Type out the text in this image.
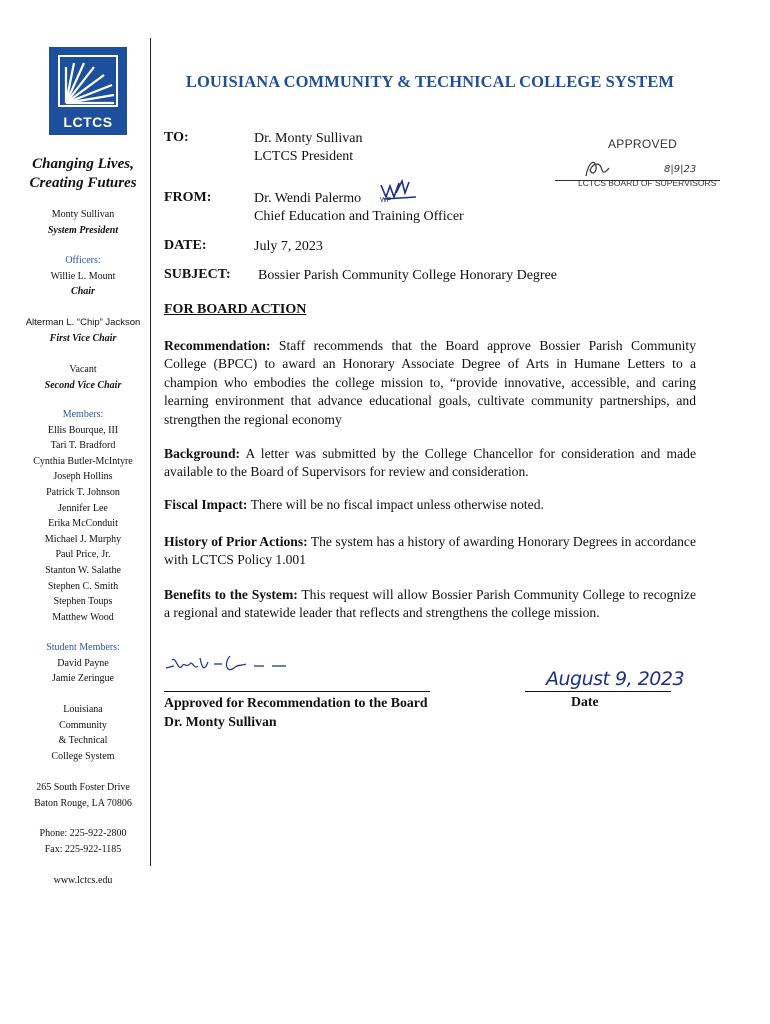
LCTCS
Changing Lives,
Creating Futures
Monty Sullivan
System President
Officers:
Willie L. Mount
Chair
Alterman L. “Chip” Jackson
First Vice Chair
Vacant
Second Vice Chair
Members:
Ellis Bourque, III
Tari T. Bradford
Cynthia Butler-McIntyre
Joseph Hollins
Patrick T. Johnson
Jennifer Lee
Erika McConduit
Michael J. Murphy
Paul Price, Jr.
Stanton W. Salathe
Stephen C. Smith
Stephen Toups
Matthew Wood
Student Members:
David Payne
Jamie Zeringue
Louisiana
Community
& Technical
College System
265 South Foster Drive
Baton Rouge, LA 70806
Phone: 225-922-2800
Fax: 225-922-1185
www.lctcs.edu
LOUISIANA COMMUNITY & TECHNICAL COLLEGE SYSTEM
APPROVED
8|9|23
LCTCS BOARD OF SUPERVISORS
TO:	Dr. Monty Sullivan
LCTCS President
FROM:	Dr. Wendi Palermo	WP
Chief Education and Training Officer
DATE:	July 7, 2023
SUBJECT: Bossier Parish Community College Honorary Degree
FOR BOARD ACTION
Recommendation: Staff recommends that the Board approve Bossier Parish Community College (BPCC) to award an Honorary Associate Degree of Arts in Humane Letters to a champion who embodies the college mission to, “provide innovative, accessible, and caring learning environment that advance educational goals, cultivate community partnerships, and strengthen the regional economy
Background: A letter was submitted by the College Chancellor for consideration and made available to the Board of Supervisors for review and consideration.
Fiscal Impact: There will be no fiscal impact unless otherwise noted.
History of Prior Actions: The system has a history of awarding Honorary Degrees in accordance with LCTCS Policy 1.001
Benefits to the System: This request will allow Bossier Parish Community College to recognize a regional and statewide leader that reflects and strengthens the college mission.
August 9, 2023
Approved for Recommendation to the Board
Dr. Monty Sullivan
Date
